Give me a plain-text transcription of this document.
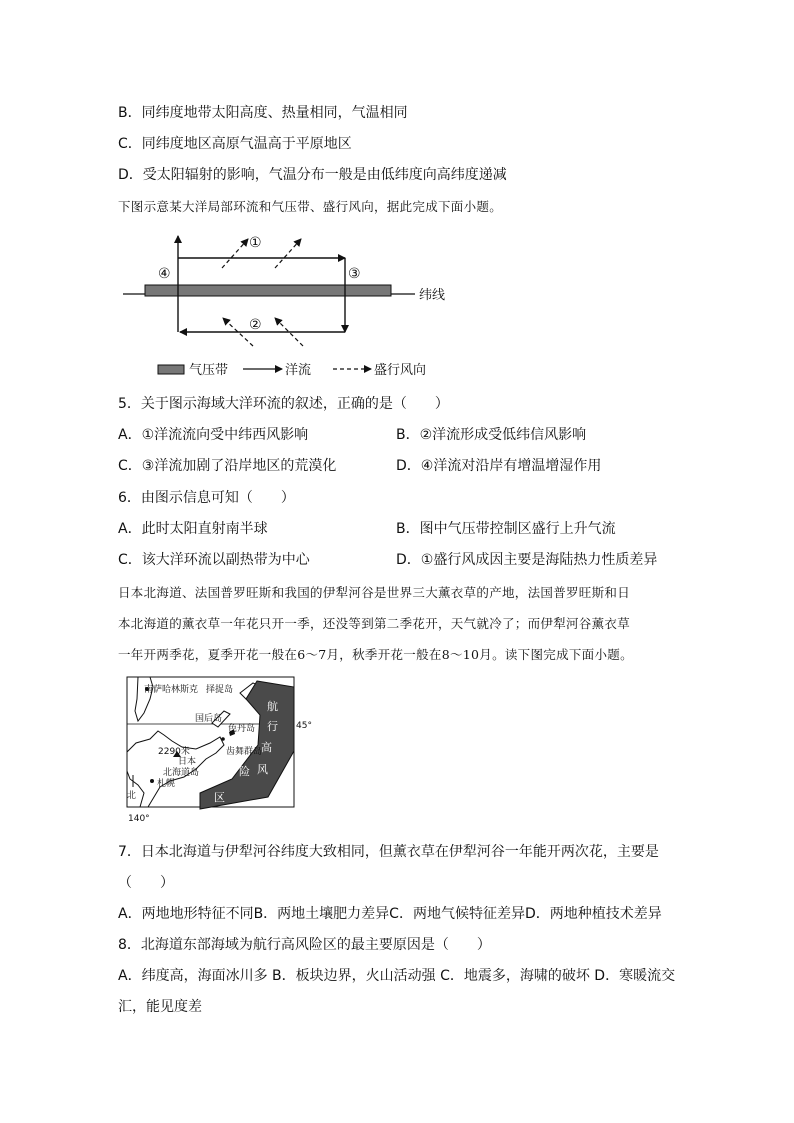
B．同纬度地带太阳高度、热量相同，气温相同
C．同纬度地区高原气温高于平原地区
D．受太阳辐射的影响，气温分布一般是由低纬度向高纬度递减
下图示意某大洋局部环流和气压带、盛行风向，据此完成下面小题。
①
②
③
④
纬线
气压带	洋流	盛行风向
5．关于图示海域大洋环流的叙述，正确的是（　　）
A．①洋流流向受中纬西风影响	B．②洋流形成受低纬信风影响
C．③洋流加剧了沿岸地区的荒漠化	D．④洋流对沿岸有增温增湿作用
6．由图示信息可知（　　）
A．此时太阳直射南半球	B．图中气压带控制区盛行上升气流
C．该大洋环流以副热带为中心	D．①盛行风成因主要是海陆热力性质差异
日本北海道、法国普罗旺斯和我国的伊犁河谷是世界三大薰衣草的产地，法国普罗旺斯和日
本北海道的薰衣草一年花只开一季，还没等到第二季花开，天气就冷了；而伊犁河谷薰衣草
一年开两季花，夏季开花一般在6～7月，秋季开花一般在8～10月。读下图完成下面小题。
南萨哈林斯克 择捉岛
国后岛
色丹岛
齿舞群岛
45°
2290米
日本
北海道岛
札幌
北
140°
航
行
高
风
险
区
7．日本北海道与伊犁河谷纬度大致相同，但薰衣草在伊犁河谷一年能开两次花，主要是
（　　）
A．两地地形特征不同B．两地土壤肥力差异C．两地气候特征差异D．两地种植技术差异
8．北海道东部海域为航行高风险区的最主要原因是（　　）
A．纬度高，海面冰川多 B．板块边界，火山活动强 C．地震多，海啸的破坏 D．寒暖流交
汇，能见度差
